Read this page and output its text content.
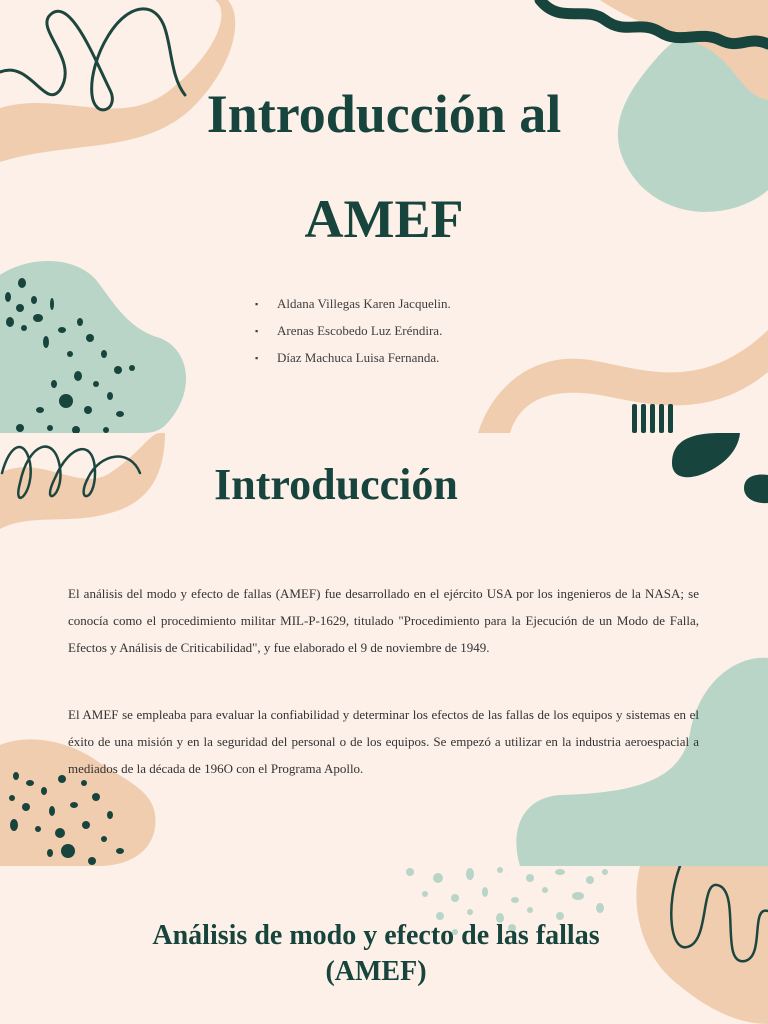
Introducción al
AMEF
▪ Aldana Villegas Karen Jacquelin.
▪ Arenas Escobedo Luz Eréndira.
▪ Díaz Machuca Luisa Fernanda.
Introducción

El análisis del modo y efecto de fallas (AMEF) fue desarrollado en el ejército USA por los ingenieros de la NASA; se conocía como el procedimiento militar MIL-P-1629, titulado "Procedimiento para la Ejecución de un Modo de Falla, Efectos y Análisis de Criticabilidad", y fue elaborado el 9 de noviembre de 1949.

El AMEF se empleaba para evaluar la confiabilidad y determinar los efectos de las fallas de los equipos y sistemas en el éxito de una misión y en la seguridad del personal o de los equipos. Se empezó a utilizar en la industria aeroespacial a mediados de la década de 196O con el Programa Apollo.

Análisis de modo y efecto de las fallas
(AMEF)
